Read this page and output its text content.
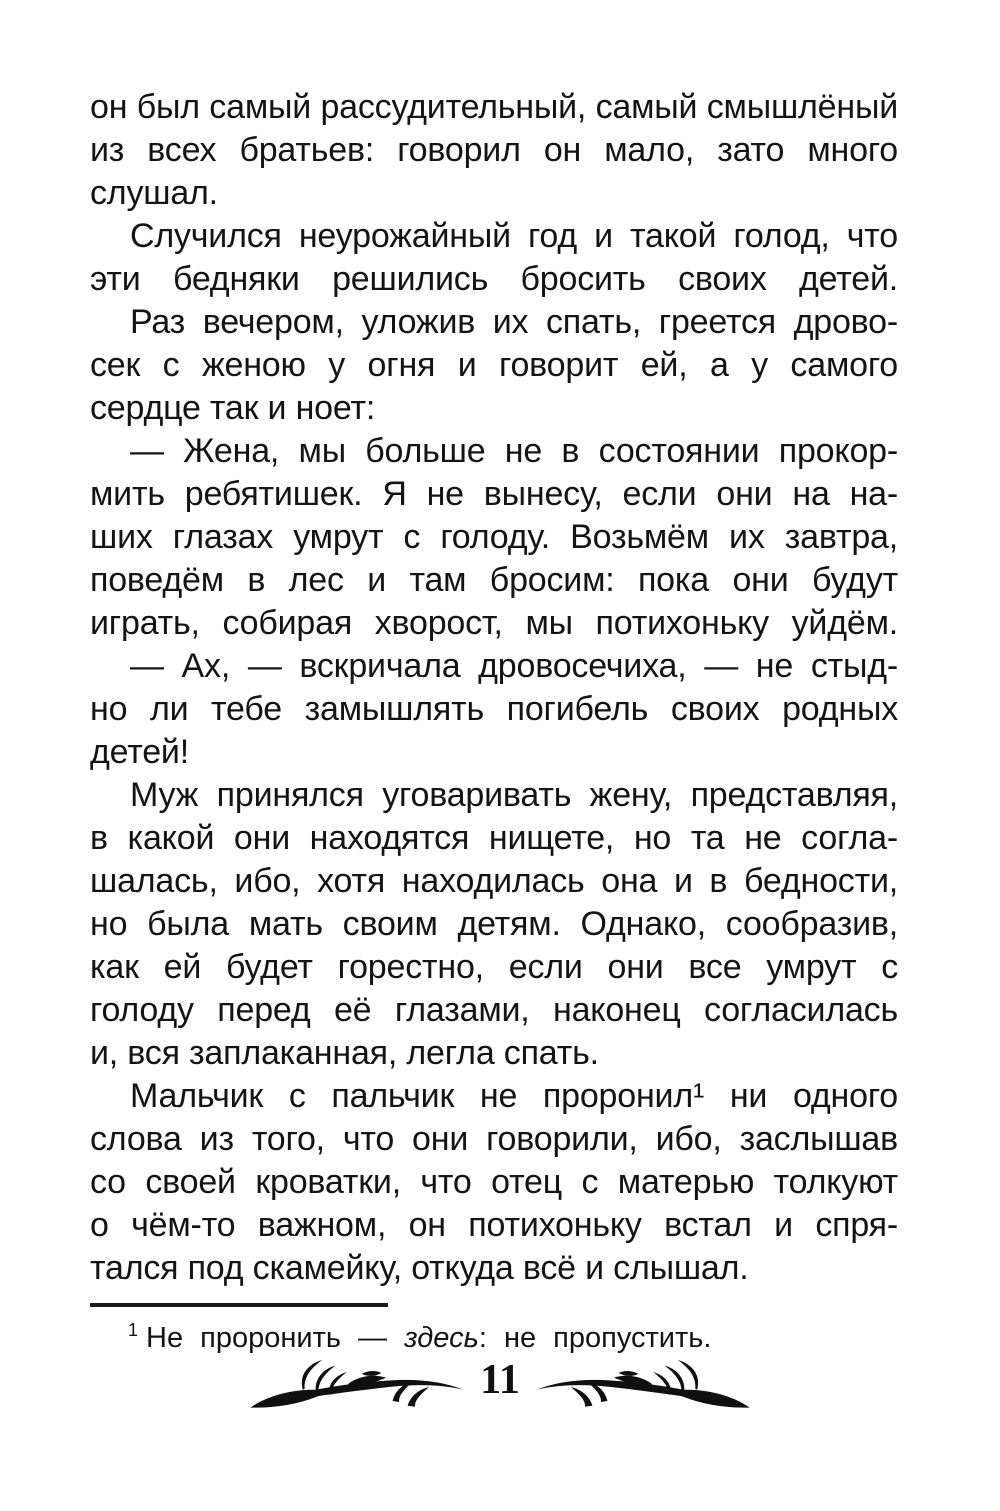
он был самый рассудительный, самый смышлёный
из всех братьев: говорил он мало, зато много
слушал.
Случился неурожайный год и такой голод, что
эти бедняки решились бросить своих детей.
Раз вечером, уложив их спать, греется дрово-
сек с женою у огня и говорит ей, а у самого
сердце так и ноет:
— Жена, мы больше не в состоянии прокор-
мить ребятишек. Я не вынесу, если они на на-
ших глазах умрут с голоду. Возьмём их завтра,
поведём в лес и там бросим: пока они будут
играть, собирая хворост, мы потихоньку уйдём.
— Ах, — вскричала дровосечиха, — не стыд-
но ли тебе замышлять погибель своих родных
детей!
Муж принялся уговаривать жену, представляя,
в какой они находятся нищете, но та не согла-
шалась, ибо, хотя находилась она и в бедности,
но была мать своим детям. Однако, сообразив,
как ей будет горестно, если они все умрут с
голоду перед её глазами, наконец согласилась
и, вся заплаканная, легла спать.
Мальчик с пальчик не проронил¹ ни одного
слова из того, что они говорили, ибо, заслышав
со своей кроватки, что отец с матерью толкуют
о чём-то важном, он потихоньку встал и спря-
тался под скамейку, откуда всё и слышал.
$^1$ Не проронить — здесь: не пропустить.
11
